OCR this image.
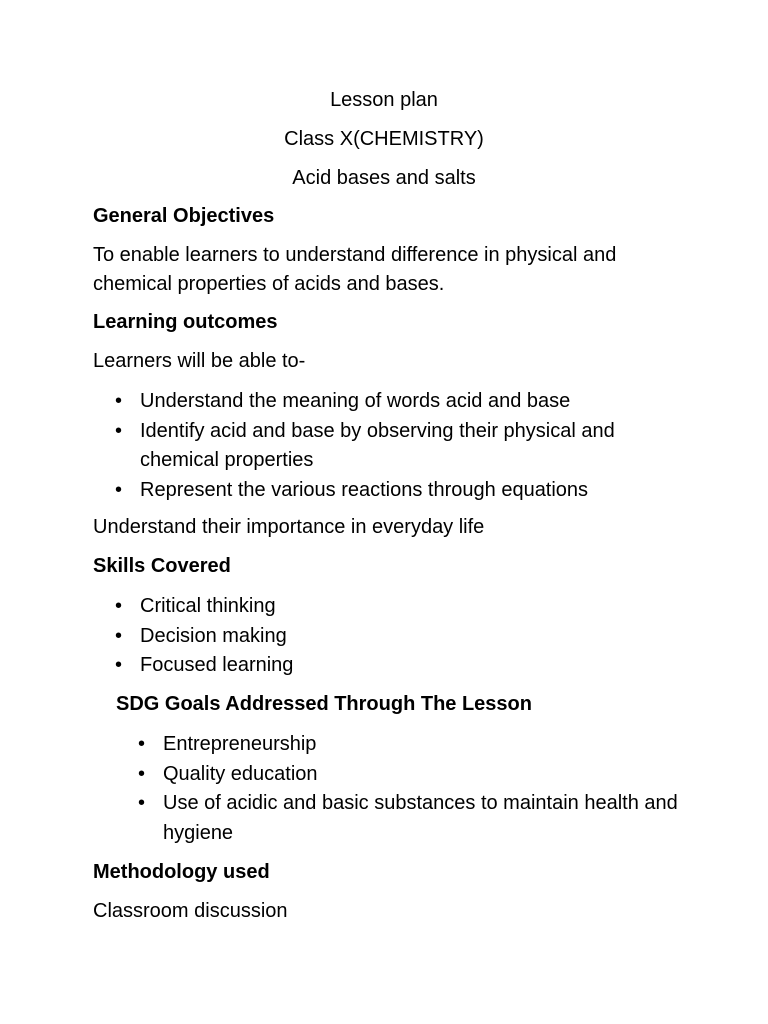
Lesson plan
Class X(CHEMISTRY)
Acid bases and salts
General Objectives
To enable learners to understand difference in physical and chemical properties of acids and bases.
Learning outcomes
Learners will be able to-
• Understand the meaning of words acid and base
• Identify acid and base by observing their physical and chemical properties
• Represent the various reactions through equations
Understand their importance in everyday life
Skills Covered
• Critical thinking
• Decision making
• Focused learning
SDG Goals Addressed Through The Lesson
• Entrepreneurship
• Quality education
• Use of acidic and basic substances to maintain health and hygiene
Methodology used
Classroom discussion
